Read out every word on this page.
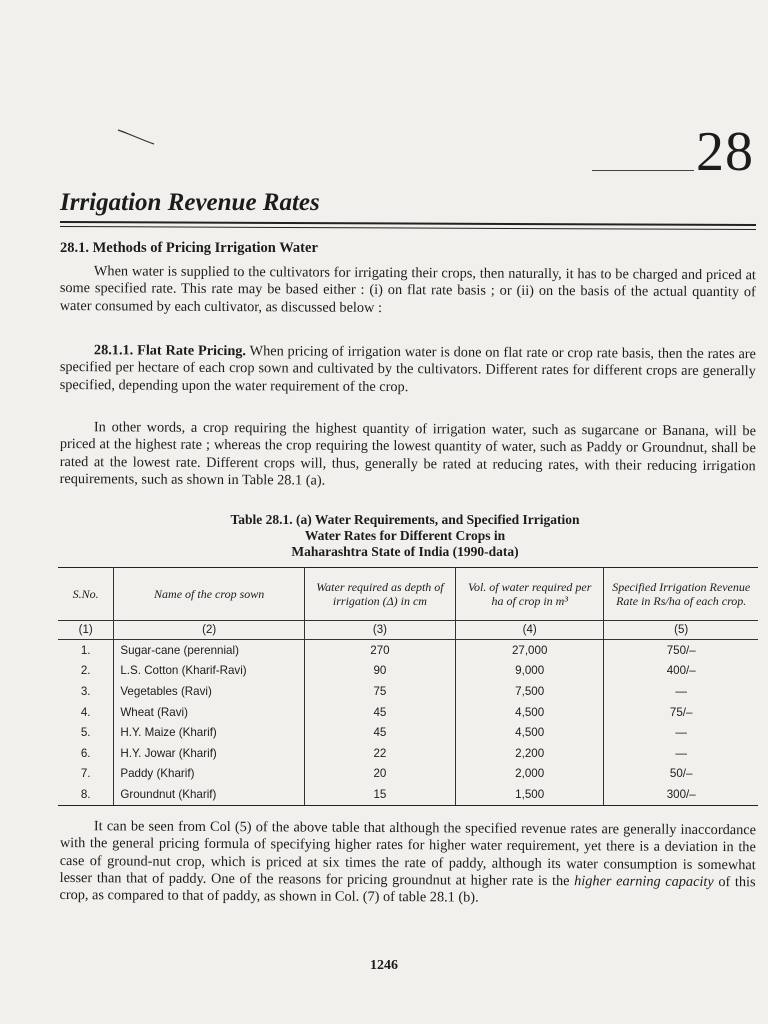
28
Irrigation Revenue Rates
28.1. Methods of Pricing Irrigation Water
When water is supplied to the cultivators for irrigating their crops, then naturally, it has to be charged and priced at some specified rate. This rate may be based either : (i) on flat rate basis ; or (ii) on the basis of the actual quantity of water consumed by each cultivator, as discussed below :
28.1.1. Flat Rate Pricing. When pricing of irrigation water is done on flat rate or crop rate basis, then the rates are specified per hectare of each crop sown and cultivated by the cultivators. Different rates for different crops are generally specified, depending upon the water requirement of the crop.
In other words, a crop requiring the highest quantity of irrigation water, such as sugarcane or Banana, will be priced at the highest rate ; whereas the crop requiring the lowest quantity of water, such as Paddy or Groundnut, shall be rated at the lowest rate. Different crops will, thus, generally be rated at reducing rates, with their reducing irrigation requirements, such as shown in Table 28.1 (a).
Table 28.1. (a) Water Requirements, and Specified Irrigation
Water Rates for Different Crops in
Maharashtra State of India (1990-data)
S.No.	Name of the crop sown	Water required as depth of irrigation (Δ) in cm	Vol. of water required per ha of crop in m³	Specified Irrigation Revenue Rate in Rs/ha of each crop.
(1)	(2)	(3)	(4)	(5)
1.	Sugar-cane (perennial)	270	27,000	750/–
2.	L.S. Cotton (Kharif-Ravi)	90	9,000	400/–
3.	Vegetables (Ravi)	75	7,500	—
4.	Wheat (Ravi)	45	4,500	75/–
5.	H.Y. Maize (Kharif)	45	4,500	—
6.	H.Y. Jowar (Kharif)	22	2,200	—
7.	Paddy (Kharif)	20	2,000	50/–
8.	Groundnut (Kharif)	15	1,500	300/–
It can be seen from Col (5) of the above table that although the specified revenue rates are generally inaccordance with the general pricing formula of specifying higher rates for higher water requirement, yet there is a deviation in the case of ground-nut crop, which is priced at six times the rate of paddy, although its water consumption is somewhat lesser than that of paddy. One of the reasons for pricing groundnut at higher rate is the higher earning capacity of this crop, as compared to that of paddy, as shown in Col. (7) of table 28.1 (b).
1246
